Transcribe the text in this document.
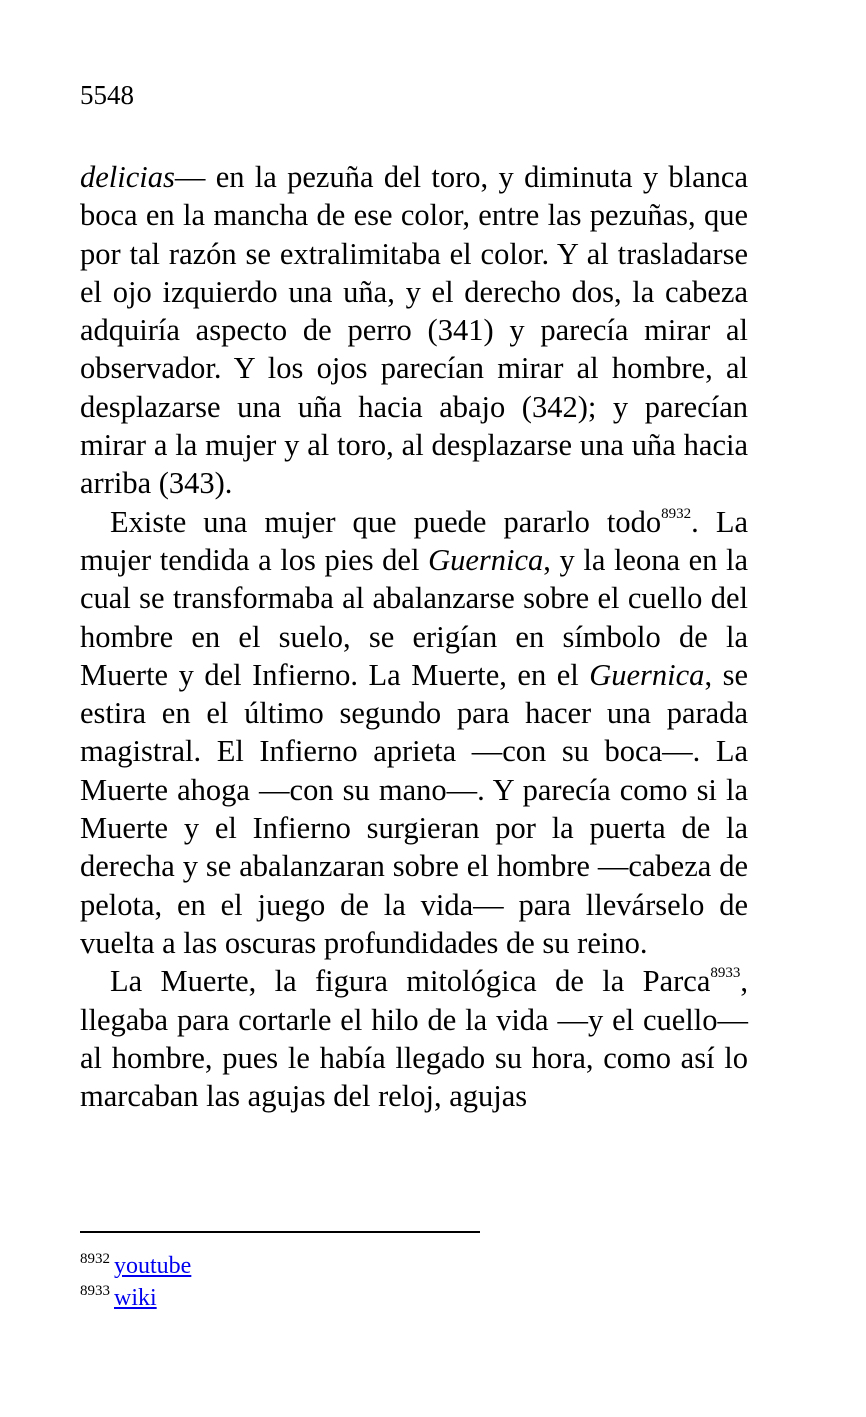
5548

delicias— en la pezuña del toro, y diminuta y blanca boca en la mancha de ese color, entre las pezuñas, que por tal razón se extralimitaba el color. Y al trasladarse el ojo izquierdo una uña, y el derecho dos, la cabeza adquiría aspecto de perro (341) y parecía mirar al observador. Y los ojos parecían mirar al hombre, al desplazarse una uña hacia abajo (342); y parecían mirar a la mujer y al toro, al desplazarse una uña hacia arriba (343).

Existe una mujer que puede pararlo todo$^{8932}$. La mujer tendida a los pies del Guernica, y la leona en la cual se transformaba al abalanzarse sobre el cuello del hombre en el suelo, se erigían en símbolo de la Muerte y del Infierno. La Muerte, en el Guernica, se estira en el último segundo para hacer una parada magistral. El Infierno aprieta —con su boca—. La Muerte ahoga —con su mano—. Y parecía como si la Muerte y el Infierno surgieran por la puerta de la derecha y se abalanzaran sobre el hombre —cabeza de pelota, en el juego de la vida— para llevárselo de vuelta a las oscuras profundidades de su reino.

La Muerte, la figura mitológica de la Parca$^{8933}$, llegaba para cortarle el hilo de la vida —y el cuello— al hombre, pues le había llegado su hora, como así lo marcaban las agujas del reloj, agujas

$^{8932}$ youtube
$^{8933}$ wiki
